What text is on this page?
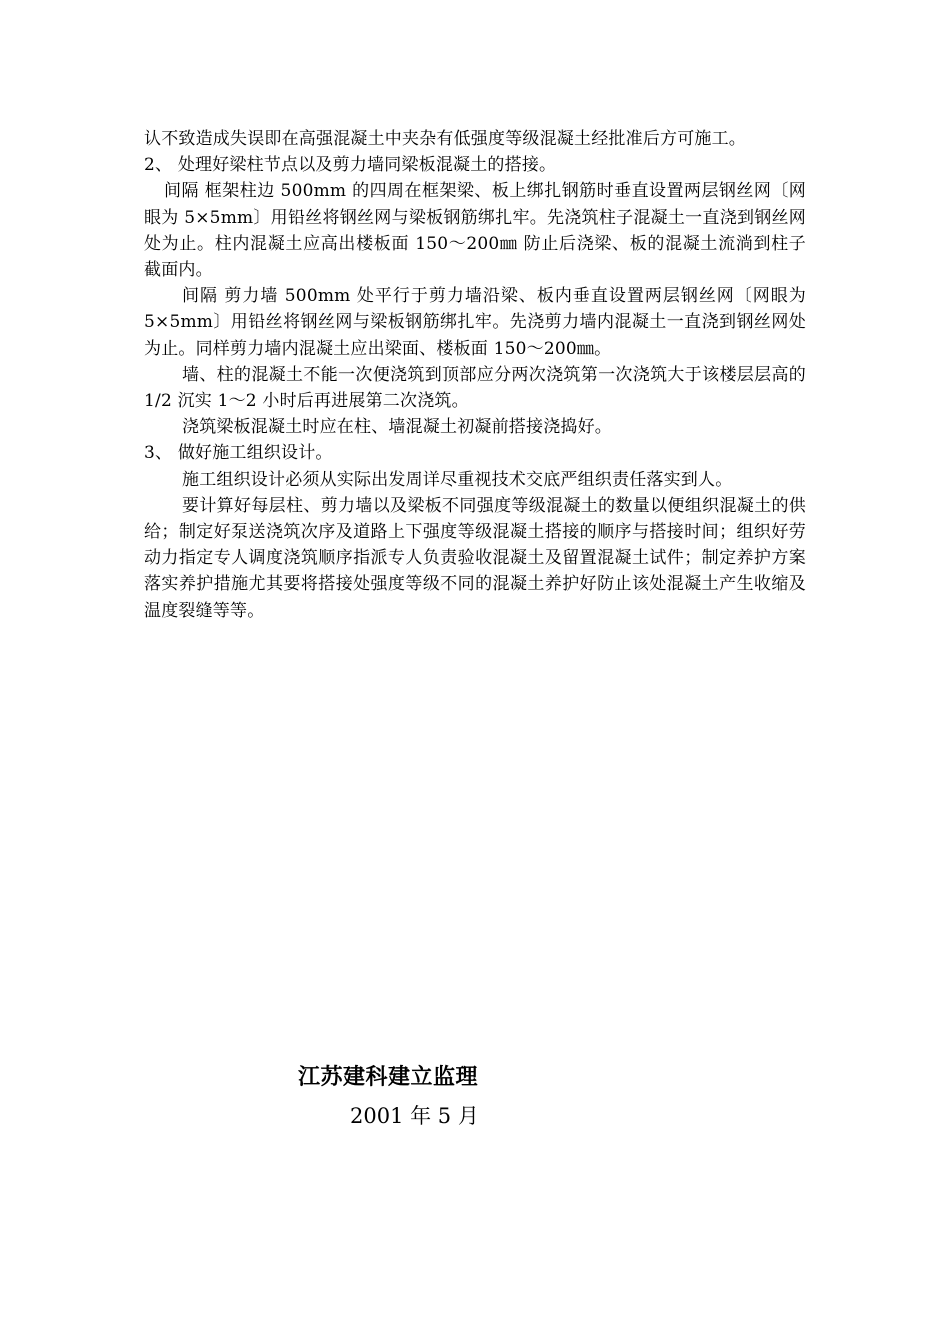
认不致造成失误即在高强混凝土中夹杂有低强度等级混凝土经批准后方可施工。

2、 处理好梁柱节点以及剪力墙同梁板混凝土的搭接。

间隔 框架柱边 500mm 的四周在框架梁、板上绑扎钢筋时垂直设置两层钢丝网〔网眼为 5×5mm〕用铅丝将钢丝网与梁板钢筋绑扎牢。先浇筑柱子混凝土一直浇到钢丝网处为止。柱内混凝土应高出楼板面 150～200㎜ 防止后浇梁、板的混凝土流淌到柱子截面内。

间隔 剪力墙 500mm 处平行于剪力墙沿梁、板内垂直设置两层钢丝网〔网眼为 5×5mm〕用铅丝将钢丝网与梁板钢筋绑扎牢。先浇剪力墙内混凝土一直浇到钢丝网处为止。同样剪力墙内混凝土应出梁面、楼板面 150～200㎜。

墙、柱的混凝土不能一次便浇筑到顶部应分两次浇筑第一次浇筑大于该楼层层高的 1/2 沉实 1～2 小时后再进展第二次浇筑。

浇筑梁板混凝土时应在柱、墙混凝土初凝前搭接浇捣好。

3、 做好施工组织设计。

施工组织设计必须从实际出发周详尽重视技术交底严组织责任落实到人。

要计算好每层柱、剪力墙以及梁板不同强度等级混凝土的数量以便组织混凝土的供给；制定好泵送浇筑次序及道路上下强度等级混凝土搭接的顺序与搭接时间；组织好劳动力指定专人调度浇筑顺序指派专人负责验收混凝土及留置混凝土试件；制定养护方案落实养护措施尤其要将搭接处强度等级不同的混凝土养护好防止该处混凝土产生收缩及温度裂缝等等。

江苏建科建立监理
2001 年 5 月
